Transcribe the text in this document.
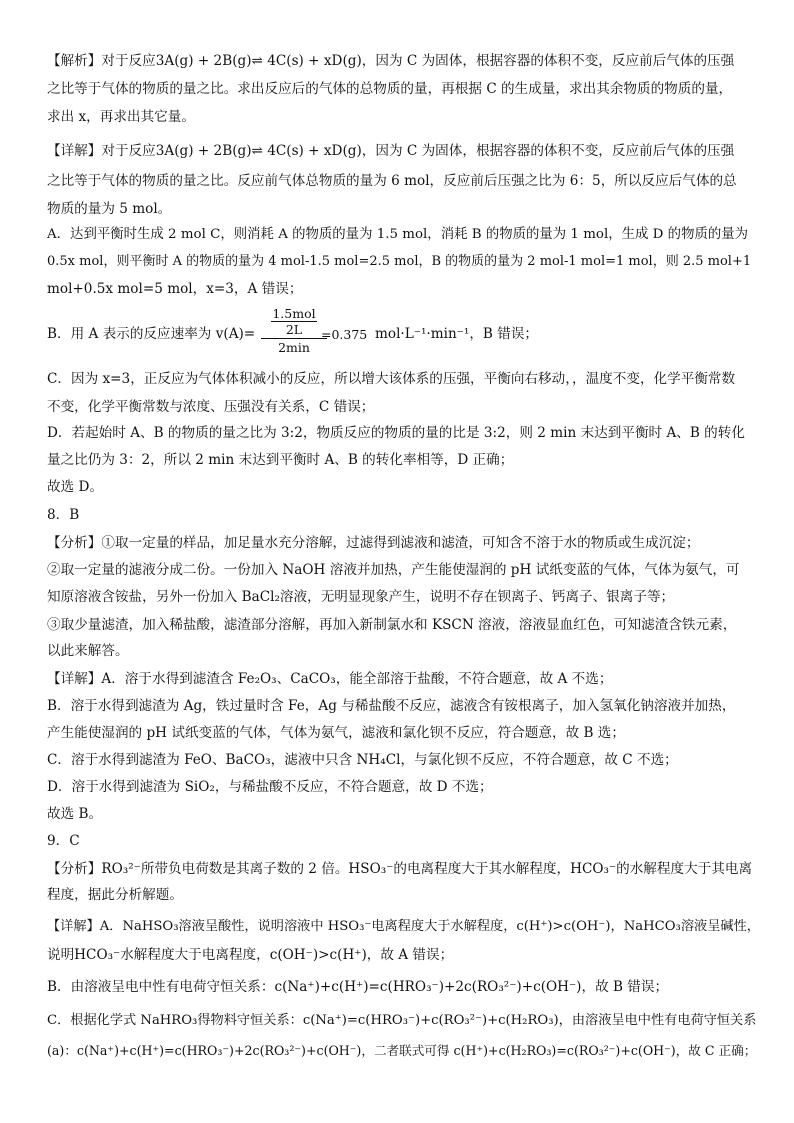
【解析】对于反应3A(g) + 2B(g)⇌ 4C(s) + xD(g)，因为 C 为固体，根据容器的体积不变，反应前后气体的压强
之比等于气体的物质的量之比。求出反应后的气体的总物质的量，再根据 C 的生成量，求出其余物质的物质的量，
求出 x，再求出其它量。
【详解】对于反应3A(g) + 2B(g)⇌ 4C(s) + xD(g)，因为 C 为固体，根据容器的体积不变，反应前后气体的压强
之比等于气体的物质的量之比。反应前气体总物质的量为 6 mol，反应前后压强之比为 6：5，所以反应后气体的总
物质的量为 5 mol。
A．达到平衡时生成 2 mol C，则消耗 A 的物质的量为 1.5 mol，消耗 B 的物质的量为 1 mol，生成 D 的物质的量为
0.5x mol，则平衡时 A 的物质的量为 4 mol-1.5 mol=2.5 mol，B 的物质的量为 2 mol-1 mol=1 mol，则 2.5 mol+1
mol+0.5x mol=5 mol，x=3，A 错误；
B．用 A 表示的反应速率为 v(A)=
1.5mol
2L
2min
=0.375 mol·L⁻¹·min⁻¹，B 错误；
C．因为 x=3，正反应为气体体积减小的反应，所以增大该体系的压强，平衡向右移动，，温度不变，化学平衡常数
不变，化学平衡常数与浓度、压强没有关系，C 错误；
D．若起始时 A、B 的物质的量之比为 3:2，物质反应的物质的量的比是 3:2，则 2 min 末达到平衡时 A、B 的转化
量之比仍为 3：2，所以 2 min 末达到平衡时 A、B 的转化率相等，D 正确；
故选 D。
8．B
【分析】①取一定量的样品，加足量水充分溶解，过滤得到滤液和滤渣，可知含不溶于水的物质或生成沉淀；
②取一定量的滤液分成二份。一份加入 NaOH 溶液并加热，产生能使湿润的 pH 试纸变蓝的气体，气体为氨气，可
知原溶液含铵盐，另外一份加入 BaCl₂溶液，无明显现象产生，说明不存在钡离子、钙离子、银离子等；
③取少量滤渣，加入稀盐酸，滤渣部分溶解，再加入新制氯水和 KSCN 溶液，溶液显血红色，可知滤渣含铁元素，
以此来解答。
【详解】A．溶于水得到滤渣含 Fe₂O₃、CaCO₃，能全部溶于盐酸，不符合题意，故 A 不选；
B．溶于水得到滤渣为 Ag，铁过量时含 Fe，Ag 与稀盐酸不反应，滤液含有铵根离子，加入氢氧化钠溶液并加热，
产生能使湿润的 pH 试纸变蓝的气体，气体为氨气，滤液和氯化钡不反应，符合题意，故 B 选；
C．溶于水得到滤渣为 FeO、BaCO₃，滤液中只含 NH₄Cl，与氯化钡不反应，不符合题意，故 C 不选；
D．溶于水得到滤渣为 SiO₂，与稀盐酸不反应，不符合题意，故 D 不选；
故选 B。
9．C
【分析】RO₃²⁻所带负电荷数是其离子数的 2 倍。HSO₃⁻的电离程度大于其水解程度，HCO₃⁻的水解程度大于其电离
程度，据此分析解题。
【详解】A．NaHSO₃溶液呈酸性，说明溶液中 HSO₃⁻电离程度大于水解程度，c(H⁺)>c(OH⁻)，NaHCO₃溶液呈碱性，
说明HCO₃⁻水解程度大于电离程度，c(OH⁻)>c(H⁺)，故 A 错误；
B．由溶液呈电中性有电荷守恒关系：c(Na⁺)+c(H⁺)=c(HRO₃⁻)+2c(RO₃²⁻)+c(OH⁻)，故 B 错误；
C．根据化学式 NaHRO₃得物料守恒关系：c(Na⁺)=c(HRO₃⁻)+c(RO₃²⁻)+c(H₂RO₃)，由溶液呈电中性有电荷守恒关系
(a)：c(Na⁺)+c(H⁺)=c(HRO₃⁻)+2c(RO₃²⁻)+c(OH⁻)，二者联式可得 c(H⁺)+c(H₂RO₃)=c(RO₃²⁻)+c(OH⁻)，故 C 正确；
